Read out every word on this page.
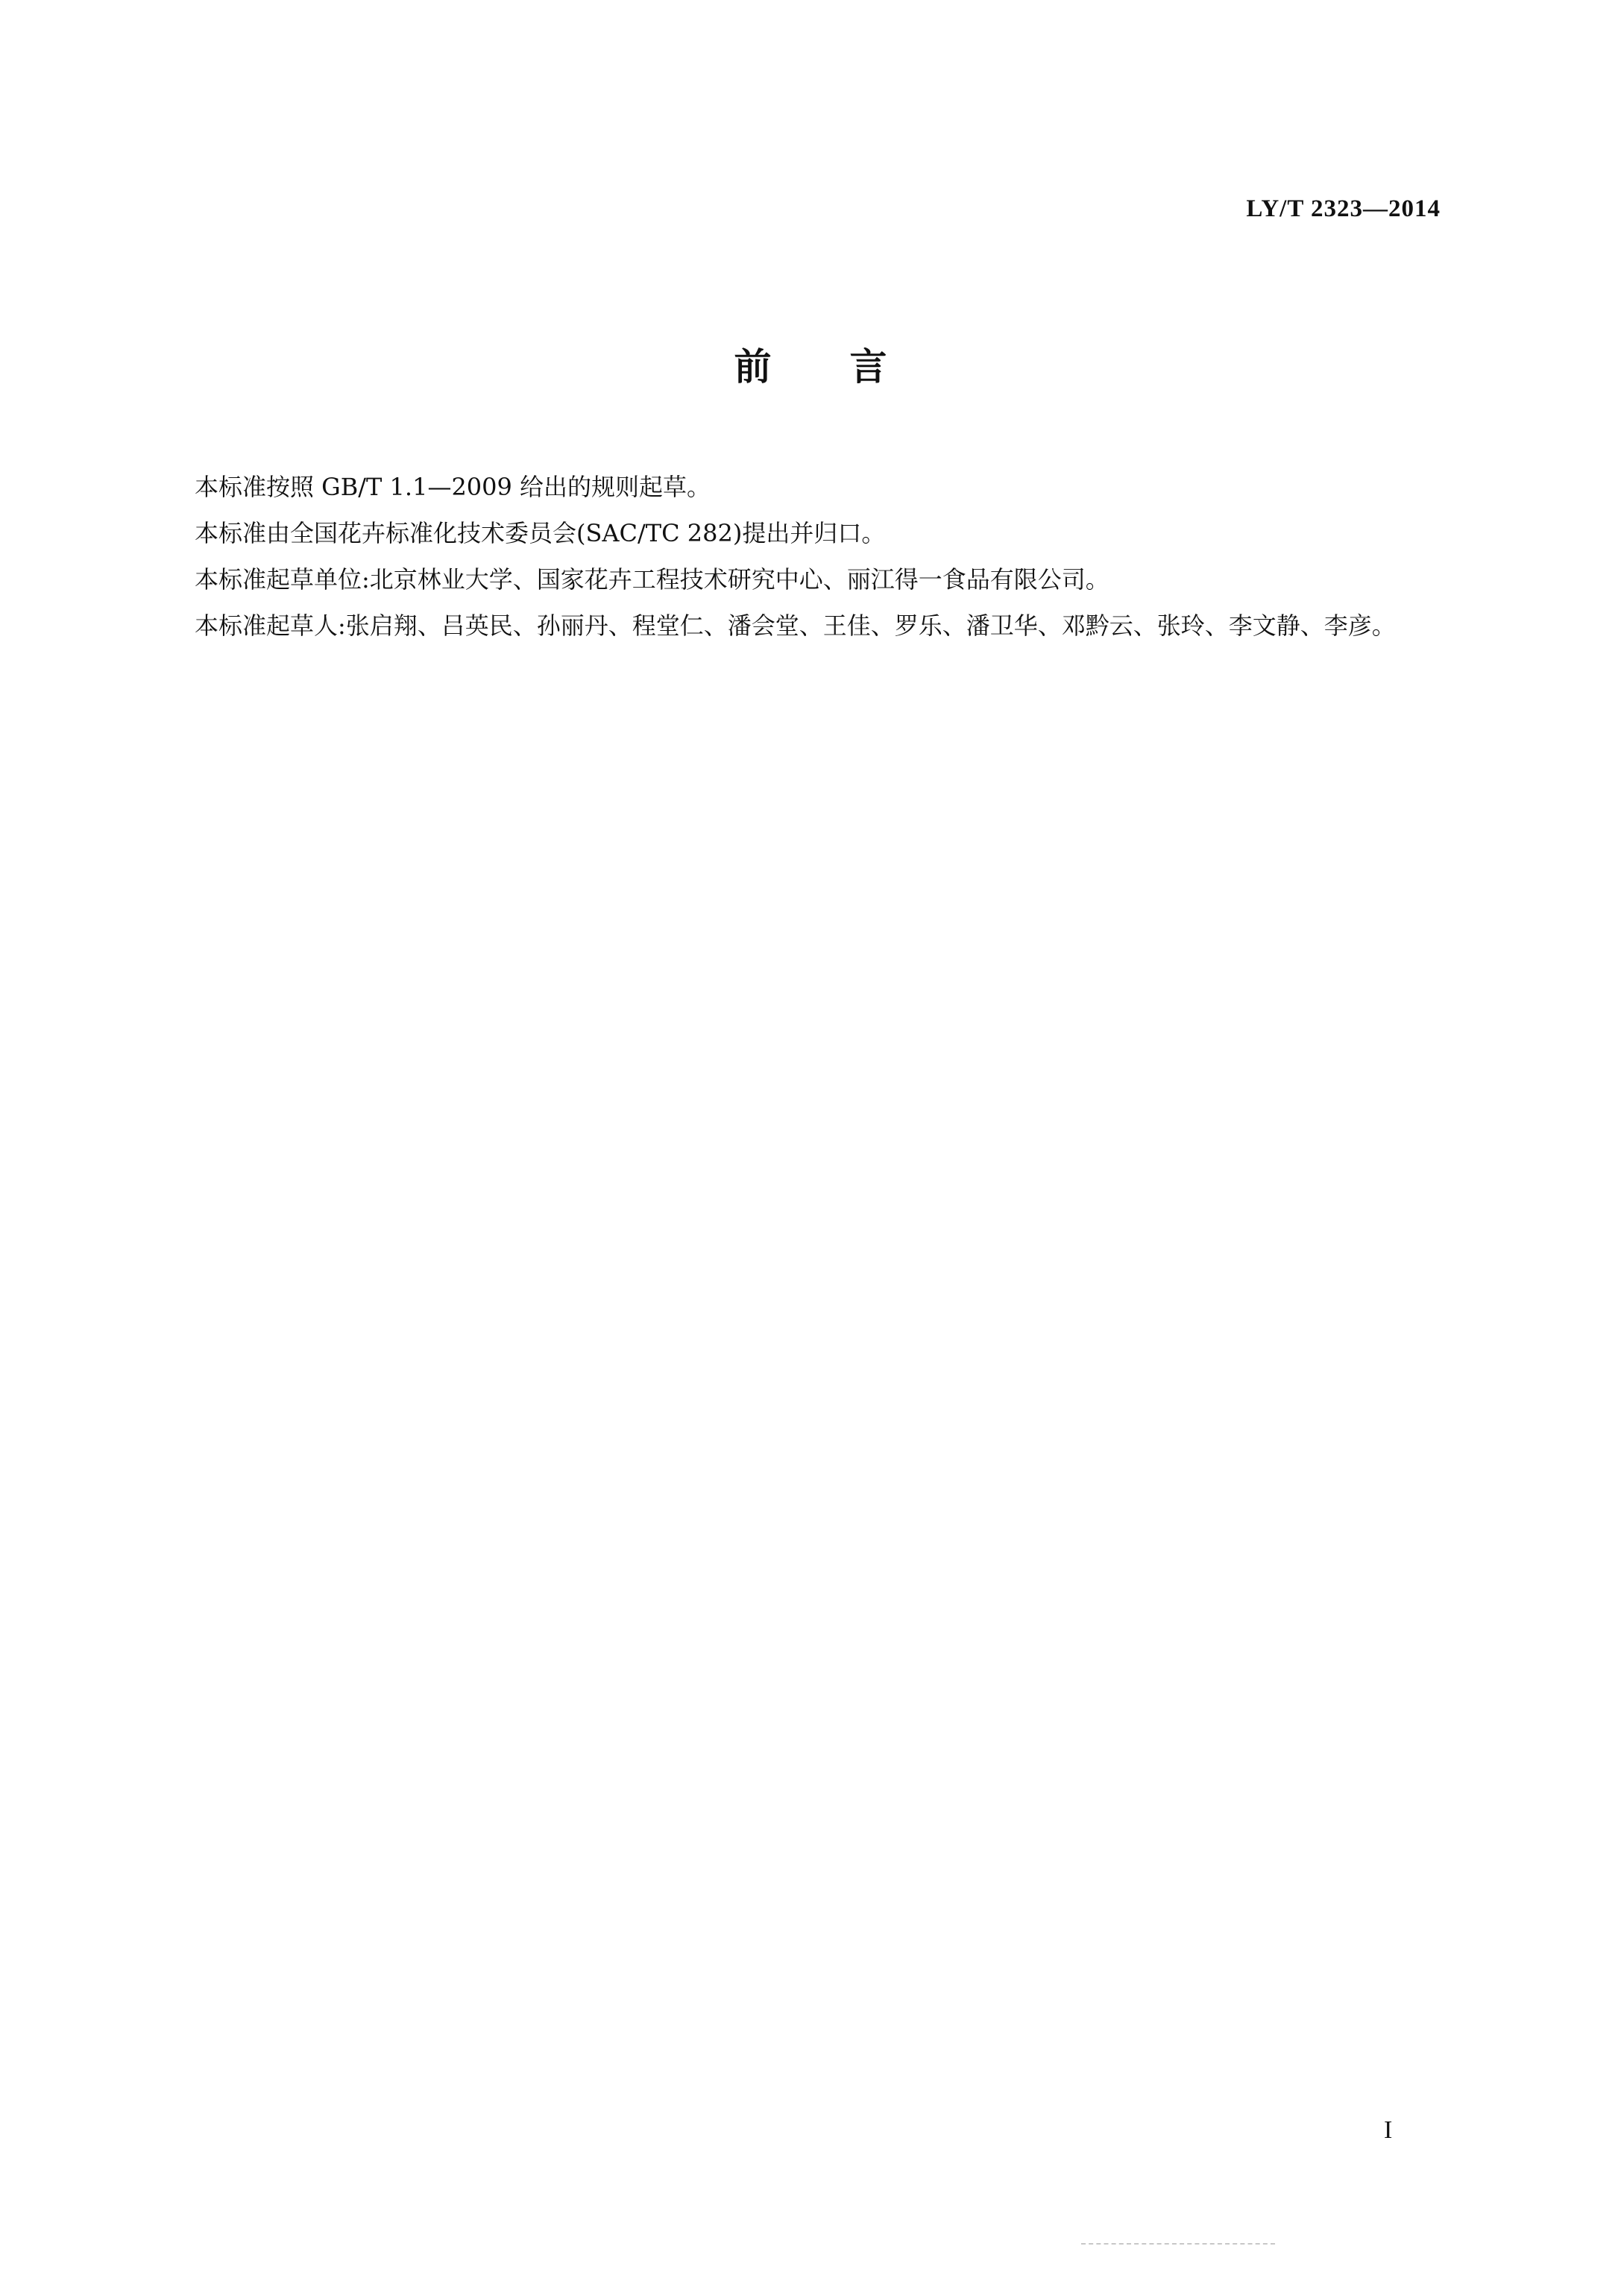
LY/T 2323—2014
前言

本标准按照 GB/T 1.1—2009 给出的规则起草。

本标准由全国花卉标准化技术委员会(SAC/TC 282)提出并归口。

本标准起草单位:北京林业大学、国家花卉工程技术研究中心、丽江得一食品有限公司。

本标准起草人:张启翔、吕英民、孙丽丹、程堂仁、潘会堂、王佳、罗乐、潘卫华、邓黔云、张玲、李文静、李彦。

I
